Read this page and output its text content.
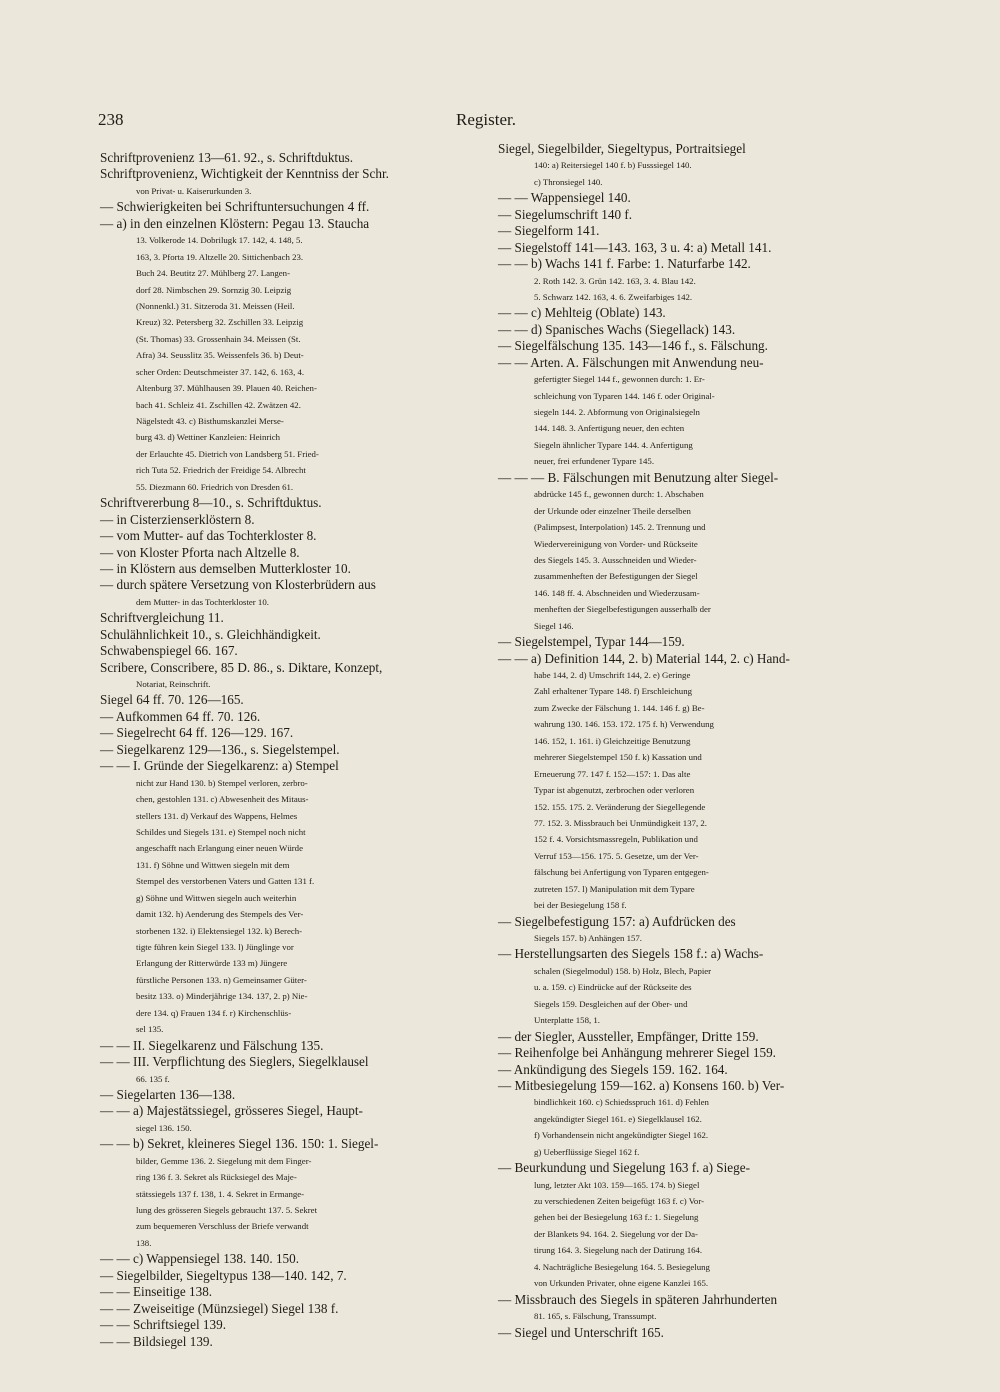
238	Register.
Schriftprovenienz 13—61. 92., s. Schriftduktus.
Schriftprovenienz, Wichtigkeit der Kenntniss der Schr.
von Privat- u. Kaiserurkunden 3.
— Schwierigkeiten bei Schriftuntersuchungen 4 ff.
— a) in den einzelnen Klöstern: Pegau 13. Staucha
13. Volkerode 14. Dobrilugk 17. 142, 4. 148, 5.
163, 3. Pforta 19. Altzelle 20. Sittichenbach 23.
Buch 24. Beutitz 27. Mühlberg 27. Langen-
dorf 28. Nimbschen 29. Sornzig 30. Leipzig
(Nonnenkl.) 31. Sitzeroda 31. Meissen (Heil.
Kreuz) 32. Petersberg 32. Zschillen 33. Leipzig
(St. Thomas) 33. Grossenhain 34. Meissen (St.
Afra) 34. Seusslitz 35. Weissenfels 36. b) Deut-
scher Orden: Deutschmeister 37. 142, 6. 163, 4.
Altenburg 37. Mühlhausen 39. Plauen 40. Reichen-
bach 41. Schleiz 41. Zschillen 42. Zwätzen 42.
Nägelstedt 43. c) Bisthumskanzlei Merse-
burg 43. d) Wettiner Kanzleien: Heinrich
der Erlauchte 45. Dietrich von Landsberg 51. Fried-
rich Tuta 52. Friedrich der Freidige 54. Albrecht
55. Diezmann 60. Friedrich von Dresden 61.
Schriftvererbung 8—10., s. Schriftduktus.
— in Cisterzienserklöstern 8.
— vom Mutter- auf das Tochterkloster 8.
— von Kloster Pforta nach Altzelle 8.
— in Klöstern aus demselben Mutterkloster 10.
— durch spätere Versetzung von Klosterbrüdern aus
dem Mutter- in das Tochterkloster 10.
Schriftvergleichung 11.
Schulähnlichkeit 10., s. Gleichhändigkeit.
Schwabenspiegel 66. 167.
Scribere, Conscribere, 85 D. 86., s. Diktare, Konzept,
Notariat, Reinschrift.
Siegel 64 ff. 70. 126—165.
— Aufkommen 64 ff. 70. 126.
— Siegelrecht 64 ff. 126—129. 167.
— Siegelkarenz 129—136., s. Siegelstempel.
— — I. Gründe der Siegelkarenz: a) Stempel
nicht zur Hand 130. b) Stempel verloren, zerbro-
chen, gestohlen 131. c) Abwesenheit des Mitaus-
stellers 131. d) Verkauf des Wappens, Helmes
Schildes und Siegels 131. e) Stempel noch nicht
angeschafft nach Erlangung einer neuen Würde
131. f) Söhne und Wittwen siegeln mit dem
Stempel des verstorbenen Vaters und Gatten 131 f.
g) Söhne und Wittwen siegeln auch weiterhin
damit 132. h) Aenderung des Stempels des Ver-
storbenen 132. i) Elektensiegel 132. k) Berech-
tigte führen kein Siegel 133. l) Jünglinge vor
Erlangung der Ritterwürde 133 m) Jüngere
fürstliche Personen 133. n) Gemeinsamer Güter-
besitz 133. o) Minderjährige 134. 137, 2. p) Nie-
dere 134. q) Frauen 134 f. r) Kirchenschlüs-
sel 135.
— — II. Siegelkarenz und Fälschung 135.
— — III. Verpflichtung des Sieglers, Siegelklausel
66. 135 f.
— Siegelarten 136—138.
— — a) Majestätssiegel, grösseres Siegel, Haupt-
siegel 136. 150.
— — b) Sekret, kleineres Siegel 136. 150: 1. Siegel-
bilder, Gemme 136. 2. Siegelung mit dem Finger-
ring 136 f. 3. Sekret als Rücksiegel des Maje-
stätssiegels 137 f. 138, 1. 4. Sekret in Ermange-
lung des grösseren Siegels gebraucht 137. 5. Sekret
zum bequemeren Verschluss der Briefe verwandt
138.
— — c) Wappensiegel 138. 140. 150.
— Siegelbilder, Siegeltypus 138—140. 142, 7.
— — Einseitige 138.
— — Zweiseitige (Münzsiegel) Siegel 138 f.
— — Schriftsiegel 139.
— — Bildsiegel 139.
Siegel, Siegelbilder, Siegeltypus, Portraitsiegel
140: a) Reitersiegel 140 f. b) Fusssiegel 140.
c) Thronsiegel 140.
— — Wappensiegel 140.
— Siegelumschrift 140 f.
— Siegelform 141.
— Siegelstoff 141—143. 163, 3 u. 4: a) Metall 141.
— — b) Wachs 141 f. Farbe: 1. Naturfarbe 142.
2. Roth 142. 3. Grün 142. 163, 3. 4. Blau 142.
5. Schwarz 142. 163, 4. 6. Zweifarbiges 142.
— — c) Mehlteig (Oblate) 143.
— — d) Spanisches Wachs (Siegellack) 143.
— Siegelfälschung 135. 143—146 f., s. Fälschung.
— — Arten. A. Fälschungen mit Anwendung neu-
gefertigter Siegel 144 f., gewonnen durch: 1. Er-
schleichung von Typaren 144. 146 f. oder Original-
siegeln 144. 2. Abformung von Originalsiegeln
144. 148. 3. Anfertigung neuer, den echten
Siegeln ähnlicher Typare 144. 4. Anfertigung
neuer, frei erfundener Typare 145.
— — — B. Fälschungen mit Benutzung alter Siegel-
abdrücke 145 f., gewonnen durch: 1. Abschaben
der Urkunde oder einzelner Theile derselben
(Palimpsest, Interpolation) 145. 2. Trennung und
Wiedervereinigung von Vorder- und Rückseite
des Siegels 145. 3. Ausschneiden und Wieder-
zusammenheften der Befestigungen der Siegel
146. 148 ff. 4. Abschneiden und Wiederzusam-
menheften der Siegelbefestigungen ausserhalb der
Siegel 146.
— Siegelstempel, Typar 144—159.
— — a) Definition 144, 2. b) Material 144, 2. c) Hand-
habe 144, 2. d) Umschrift 144, 2. e) Geringe
Zahl erhaltener Typare 148. f) Erschleichung
zum Zwecke der Fälschung 1. 144. 146 f. g) Be-
wahrung 130. 146. 153. 172. 175 f. h) Verwendung
146. 152, 1. 161. i) Gleichzeitige Benutzung
mehrerer Siegelstempel 150 f. k) Kassation und
Erneuerung 77. 147 f. 152—157: 1. Das alte
Typar ist abgenutzt, zerbrochen oder verloren
152. 155. 175. 2. Veränderung der Siegellegende
77. 152. 3. Missbrauch bei Unmündigkeit 137, 2.
152 f. 4. Vorsichtsmassregeln, Publikation und
Verruf 153—156. 175. 5. Gesetze, um der Ver-
fälschung bei Anfertigung von Typaren entgegen-
zutreten 157. l) Manipulation mit dem Typare
bei der Besiegelung 158 f.
— Siegelbefestigung 157: a) Aufdrücken des
Siegels 157. b) Anhängen 157.
— Herstellungsarten des Siegels 158 f.: a) Wachs-
schalen (Siegelmodul) 158. b) Holz, Blech, Papier
u. a. 159. c) Eindrücke auf der Rückseite des
Siegels 159. Desgleichen auf der Ober- und
Unterplatte 158, 1.
— der Siegler, Aussteller, Empfänger, Dritte 159.
— Reihenfolge bei Anhängung mehrerer Siegel 159.
— Ankündigung des Siegels 159. 162. 164.
— Mitbesiegelung 159—162. a) Konsens 160. b) Ver-
bindlichkeit 160. c) Schiedsspruch 161. d) Fehlen
angekündigter Siegel 161. e) Siegelklausel 162.
f) Vorhandensein nicht angekündigter Siegel 162.
g) Ueberflüssige Siegel 162 f.
— Beurkundung und Siegelung 163 f. a) Siege-
lung, letzter Akt 103. 159—165. 174. b) Siegel
zu verschiedenen Zeiten beigefügt 163 f. c) Vor-
gehen bei der Besiegelung 163 f.: 1. Siegelung
der Blankets 94. 164. 2. Siegelung vor der Da-
tirung 164. 3. Siegelung nach der Datirung 164.
4. Nachträgliche Besiegelung 164. 5. Besiegelung
von Urkunden Privater, ohne eigene Kanzlei 165.
— Missbrauch des Siegels in späteren Jahrhunderten
81. 165, s. Fälschung, Transsumpt.
— Siegel und Unterschrift 165.
